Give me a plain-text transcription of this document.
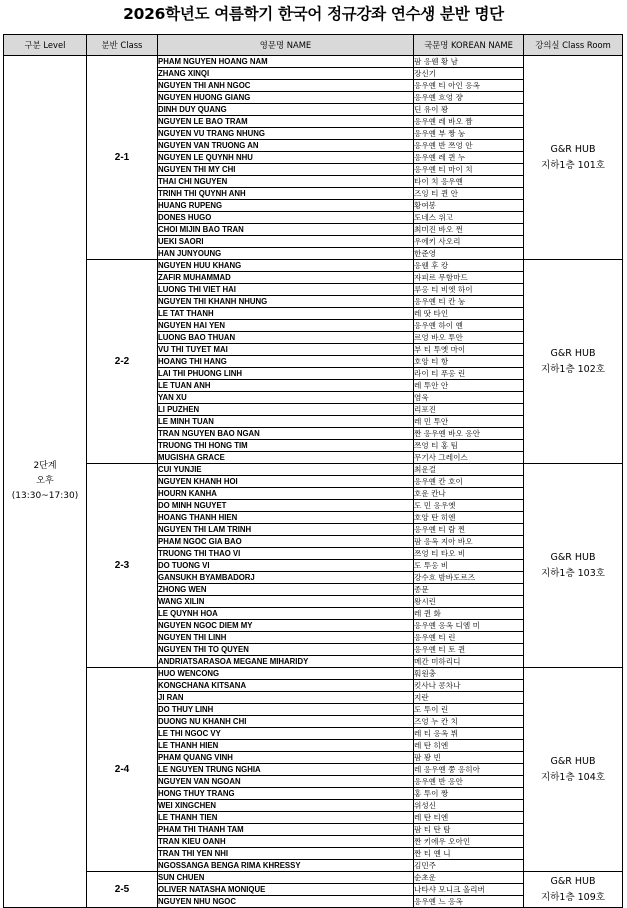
2026학년도 여름학기 한국어 정규강좌 연수생 분반 명단
구분 Level	분반 Class	영문명 NAME	국문명 KOREAN NAME	강의실 Class Room

2단계
오후
(13:30~17:30)	2-1	PHAM NGUYEN HOANG NAM	팜 응웬 황 남	G&R HUB
지하1층 101호

		ZHANG XINQI	장신기	
		NGUYEN THI ANH NGOC	응우옌 티 아인 응옥	
		NGUYEN HUONG GIANG	응우옌 흐엉 쟝	
		DINH DUY QUANG	딘 유이 꽝	
		NGUYEN LE BAO TRAM	응우옌 레 바오 짬	
		NGUYEN VU TRANG NHUNG	응우옌 부 짱 눙	
		NGUYEN VAN TRUONG AN	응우옌 반 쯔엉 안	
		NGUYEN LE QUYNH NHU	응우옌 레 퀸 누	
		NGUYEN THI MY CHI	응우옌 티 마이 치	
		THAI CHI NGUYEN	타이 치 응우옌	
		TRINH THI QUYNH ANH	즈잉 티 퀸 안	
		HUANG RUPENG	황여봉	
		DONES HUGO	도네스 위고	
		CHOI MIJIN BAO TRAN	최미진 바오 쩐	
		UEKI SAORI	우에키 사오리	
		HAN JUNYOUNG	한준영	
	2-2	NGUYEN HUU KHANG	응웬 후 캉	G&R HUB
지하1층 102호

		ZAFIR MUHAMMAD	자피르 무함마드	
		LUONG THI VIET HAI	루옹 티 비엣 하이	
		NGUYEN THI KHANH NHUNG	응우옌 티 칸 눙	
		LE TAT THANH	레 땃 타인	
		NGUYEN HAI YEN	응우옌 하이 옌	
		LUONG BAO THUAN	르엉 바오 투안	
		VU THI TUYET MAI	부 티 투옛 마이	
		HOANG THI HANG	호앙 티 항	
		LAI THI PHUONG LINH	라이 티 푸옹 린	
		LE TUAN ANH	레 투안 안	
		YAN XU	염욱	
		LI PUZHEN	리포진	
		LE MINH TUAN	레 민 투안	
		TRAN NGUYEN BAO NGAN	짠 응우옌 바오 응안	
		TRUONG THI HONG TIM	쯔엉 티 홍 팀	
		MUGISHA GRACE	무기사 그레이스	
	2-3	CUI YUNJIE	최운걸	G&R HUB
지하1층 103호

		NGUYEN KHANH HOI	응우옌 칸 호이	
		HOURN KANHA	호운 칸나	
		DO MINH NGUYET	도 민 응우옛	
		HOANG THANH HIEN	호앙 탄 히엔	
		NGUYEN THI LAM TRINH	응우옌 티 람 찐	
		PHAM NGOC GIA BAO	팜 응옥 지아 바오	
		TRUONG THI THAO VI	쯔엉 티 타오 비	
		DO TUONG VI	도 투옹 비	
		GANSUKH BYAMBADORJ	강수흐 밤바도르즈	
		ZHONG WEN	종문	
		WANG XILIN	왕시린	
		LE QUYNH HOA	레 퀸 화	
		NGUYEN NGOC DIEM MY	응우옌 응옥 디엠 미	
		NGUYEN THI LINH	응우옌 티 린	
		NGUYEN THI TO QUYEN	응우옌 티 토 퀸	
		ANDRIATSARASOA MEGANE MIHARIDY	메간 미하리디	
	2-4	HUO WENCONG	훠원충	G&R HUB
지하1층 104호

		KONGCHANA KITSANA	킷사나 콩차나	
		JI RAN	지란	
		DO THUY LINH	도 투이 린	
		DUONG NU KHANH CHI	즈엉 누 칸 치	
		LE THI NGOC VY	레 티 응옥 뷔	
		LE THANH HIEN	레 탄 히엔	
		PHAM QUANG VINH	팜 꽝 빈	
		LE NGUYEN TRUNG NGHIA	레 응우옌 쭝 응히아	
		NGUYEN VAN NGOAN	응우옌 반 응안	
		HONG THUY TRANG	홍 투이 짱	
		WEI XINGCHEN	위성신	
		LE THANH TIEN	레 탄 티엔	
		PHAM THI THANH TAM	팜 티 탄 탐	
		TRAN KIEU OANH	짠 키에우 오아인	
		TRAN THI YEN NHI	짠 티 옌 니	
		NGOSSANGA BENGA RIMA KHRESSY	김민주	
	2-5	SUN CHUEN	순초운	G&R HUB
지하1층 109호

		OLIVER NATASHA MONIQUE	나타샤 모니크 올리버	
		NGUYEN NHU NGOC	응우옌 느 응옥	
